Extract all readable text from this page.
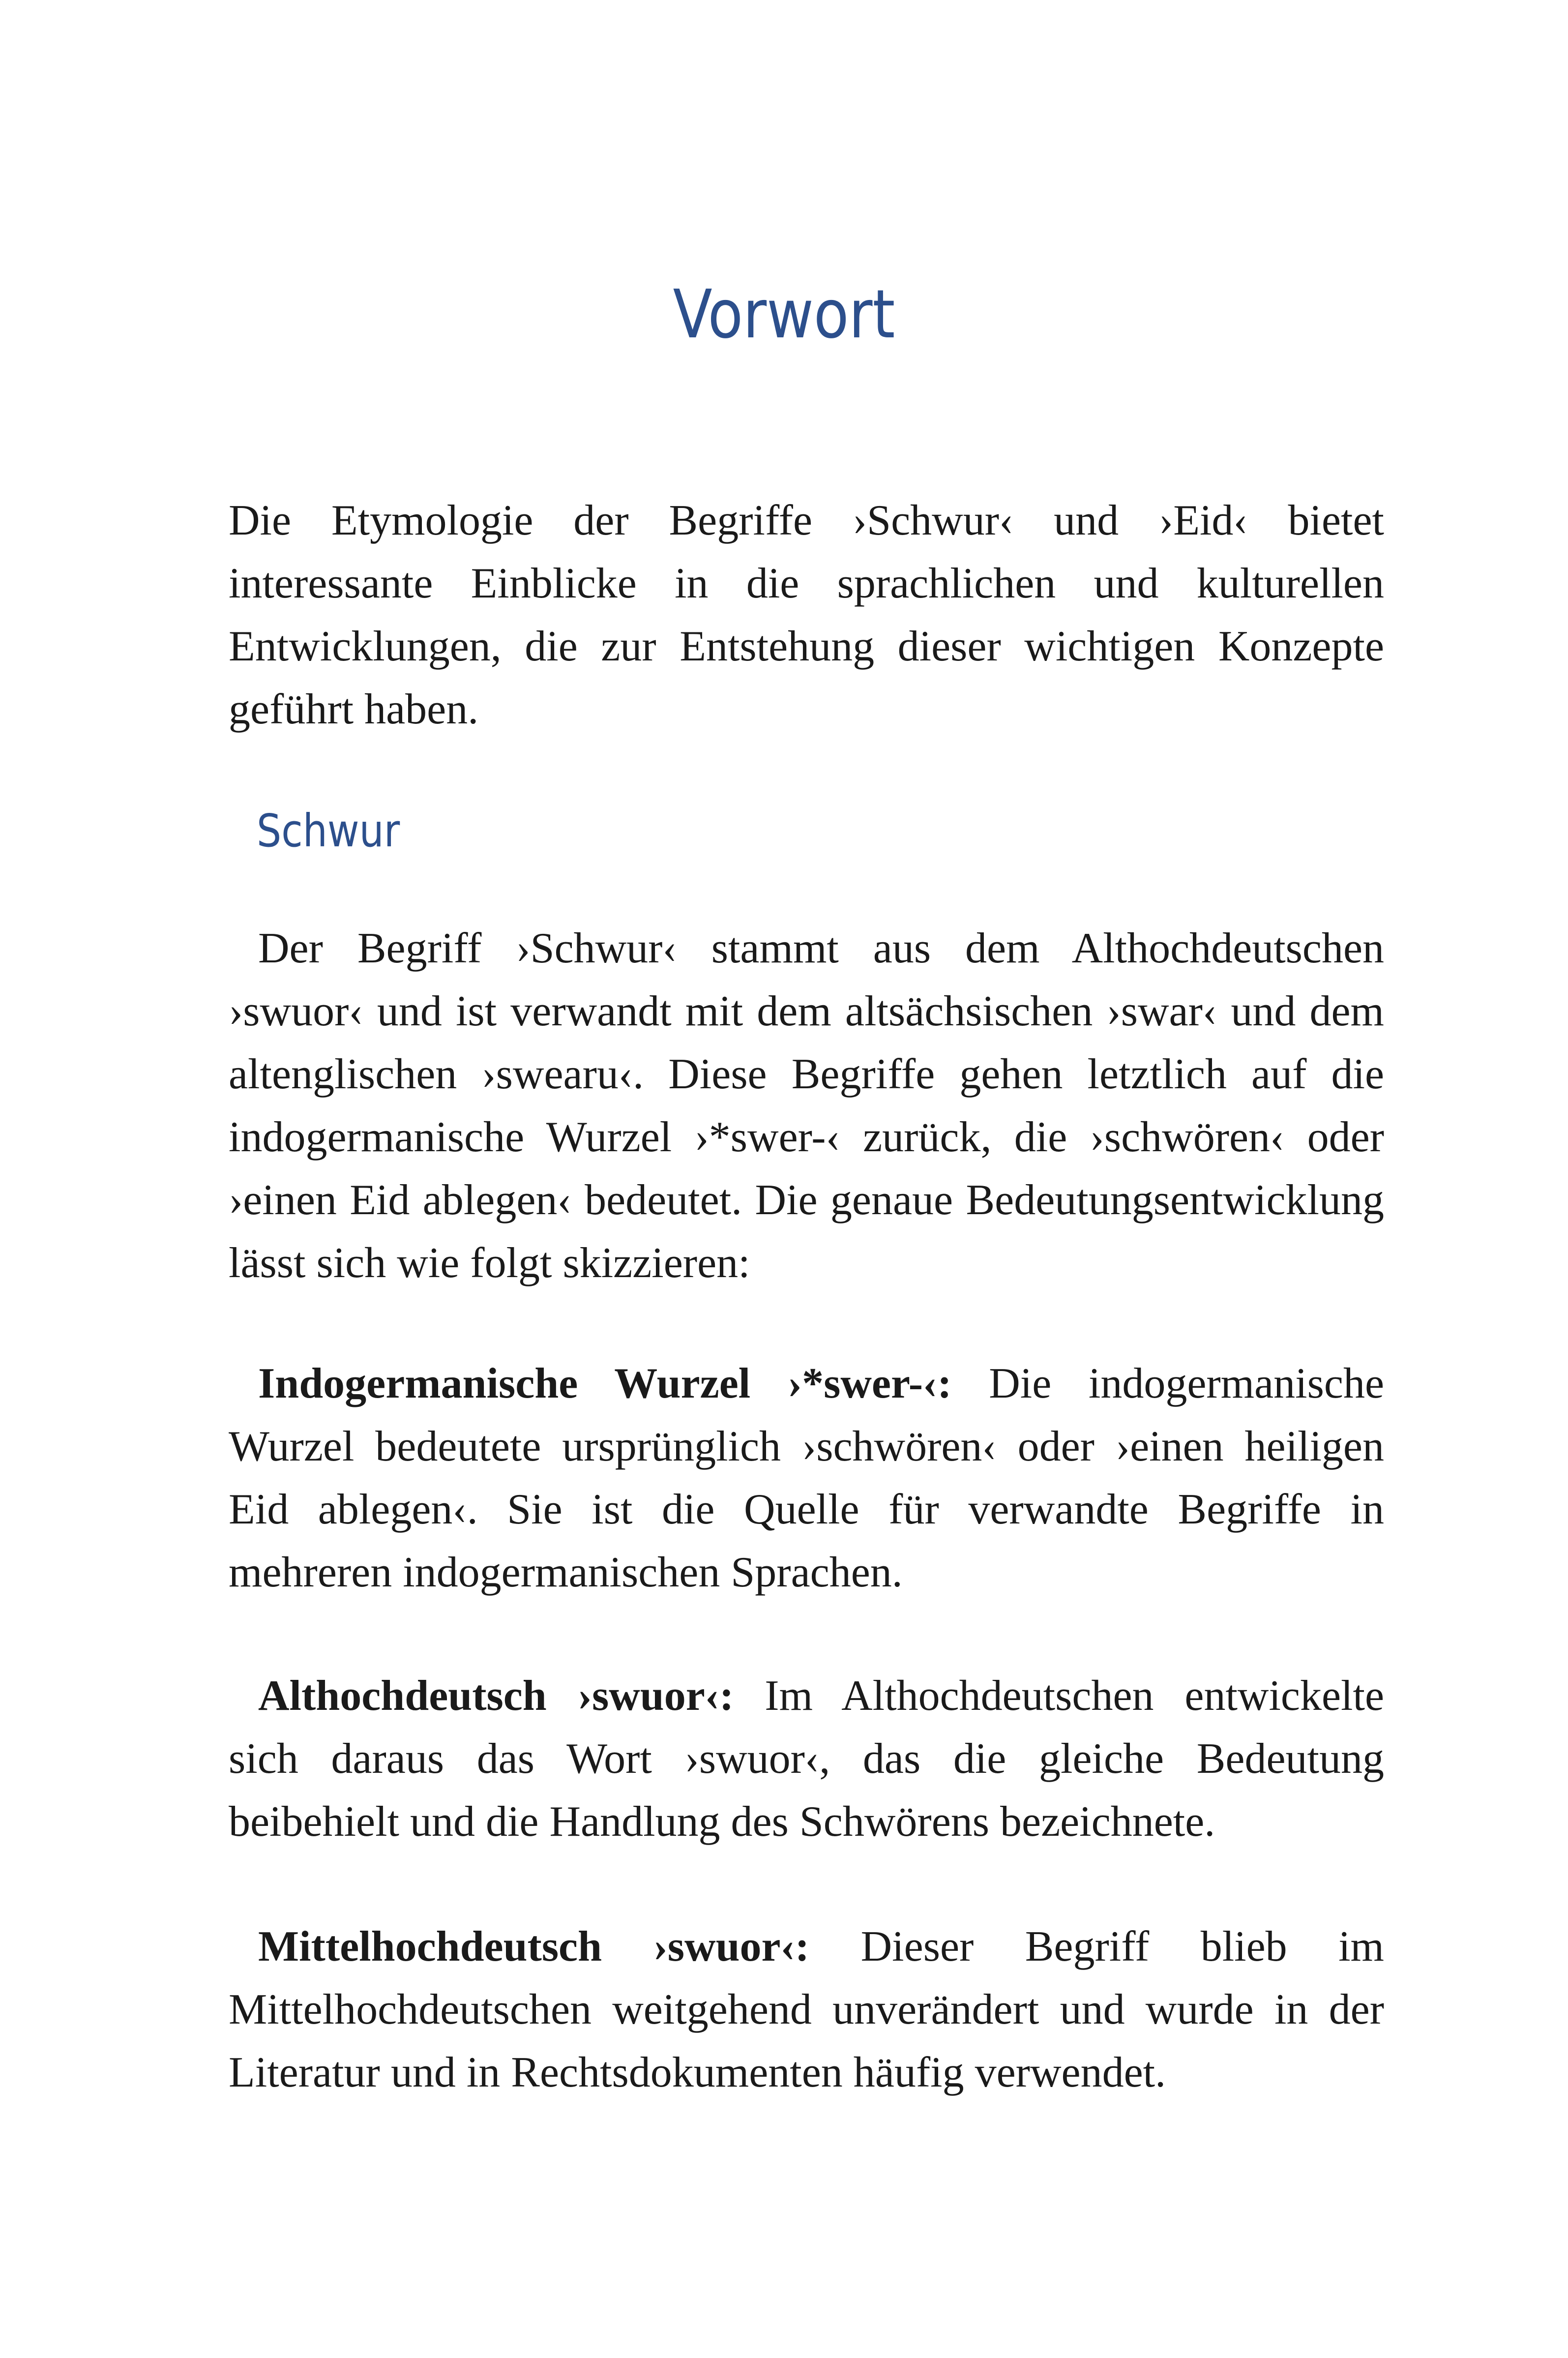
Vorwort

Die Etymologie der Begriffe ›Schwur‹ und ›Eid‹ bietet interessante Einblicke in die sprachlichen und kulturellen Entwicklungen, die zur Entstehung dieser wichtigen Konzepte geführt haben.

Schwur

Der Begriff ›Schwur‹ stammt aus dem Althochdeutschen ›swuor‹ und ist verwandt mit dem altsächsischen ›swar‹ und dem altenglischen ›swearu‹. Diese Begriffe gehen letztlich auf die indogermanische Wurzel ›*swer-‹ zurück, die ›schwören‹ oder ›einen Eid ablegen‹ bedeutet. Die genaue Bedeutungsentwicklung lässt sich wie folgt skizzieren:

Indogermanische Wurzel ›*swer-‹: Die indogermanische Wurzel bedeutete ursprünglich ›schwören‹ oder ›einen heiligen Eid ablegen‹. Sie ist die Quelle für verwandte Begriffe in mehreren indogermanischen Sprachen.

Althochdeutsch ›swuor‹: Im Althochdeutschen entwickelte sich daraus das Wort ›swuor‹, das die gleiche Bedeutung beibehielt und die Handlung des Schwörens bezeichnete.

Mittelhochdeutsch ›swuor‹: Dieser Begriff blieb im Mittelhochdeutschen weitgehend unverändert und wurde in der Literatur und in Rechtsdokumenten häufig verwendet.
